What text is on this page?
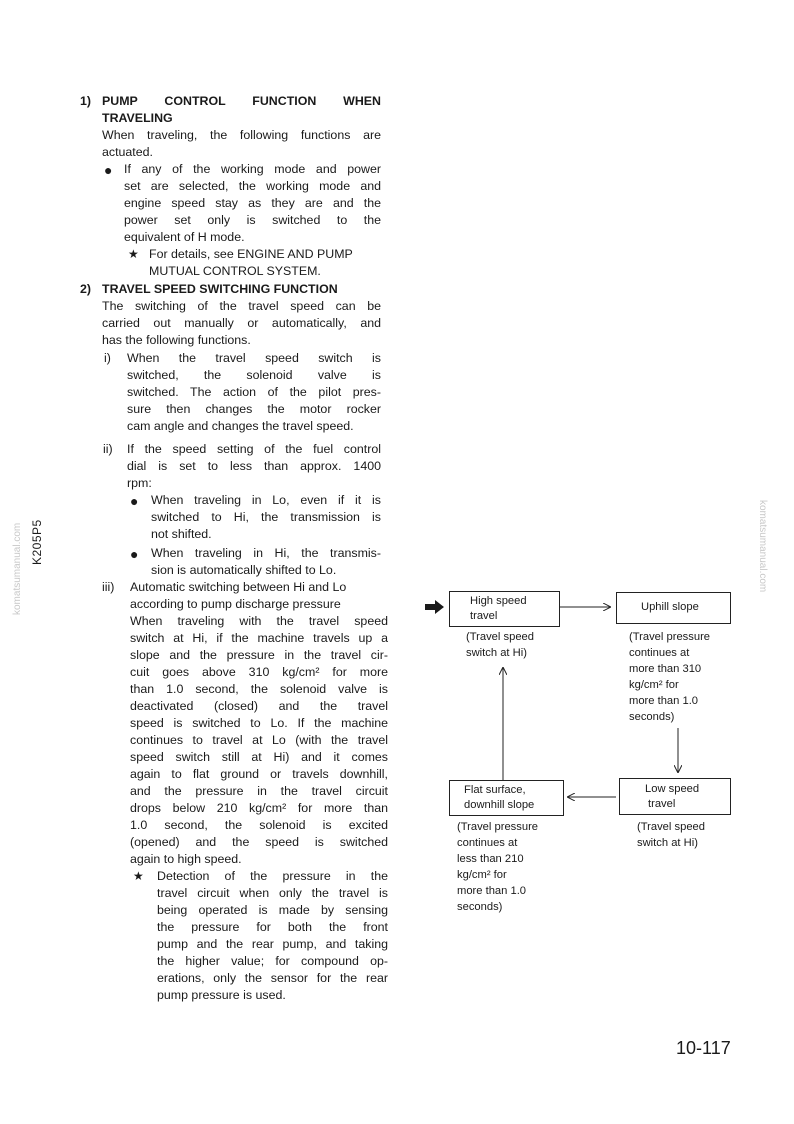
K205P5
komatsumanual.com	komatsumanual.com
1) PUMP CONTROL FUNCTION WHEN
TRAVELING
When traveling, the following functions are
actuated.
● If any of the working mode and power
set are selected, the working mode and
engine speed stay as they are and the
power set only is switched to the
equivalent of H mode.
★ For details, see ENGINE AND PUMP
MUTUAL CONTROL SYSTEM.
2) TRAVEL SPEED SWITCHING FUNCTION
The switching of the travel speed can be
carried out manually or automatically, and
has the following functions.
i) When the travel speed switch is
switched, the solenoid valve is
switched. The action of the pilot pres-
sure then changes the motor rocker
cam angle and changes the travel speed.
ii) If the speed setting of the fuel control
dial is set to less than approx. 1400
rpm:
● When traveling in Lo, even if it is
switched to Hi, the transmission is
not shifted.
● When traveling in Hi, the transmis-
sion is automatically shifted to Lo.
iii) Automatic switching between Hi and Lo
according to pump discharge pressure
When traveling with the travel speed
switch at Hi, if the machine travels up a
slope and the pressure in the travel cir-
cuit goes above 310 kg/cm² for more
than 1.0 second, the solenoid valve is
deactivated (closed) and the travel
speed is switched to Lo. If the machine
continues to travel at Lo (with the travel
speed switch still at Hi) and it comes
again to flat ground or travels downhill,
and the pressure in the travel circuit
drops below 210 kg/cm² for more than
1.0 second, the solenoid is excited
(opened) and the speed is switched
again to high speed.
★ Detection of the pressure in the
travel circuit when only the travel is
being operated is made by sensing
the pressure for both the front
pump and the rear pump, and taking
the higher value; for compound op-
erations, only the sensor for the rear
pump pressure is used.
High speed
travel
(Travel speed
switch at Hi)
Uphill slope
(Travel pressure
continues at
more than 310
kg/cm² for
more than 1.0
seconds)
Low speed
travel
(Travel speed
switch at Hi)
Flat surface,
downhill slope
(Travel pressure
continues at
less than 210
kg/cm² for
more than 1.0
seconds)
10-117
